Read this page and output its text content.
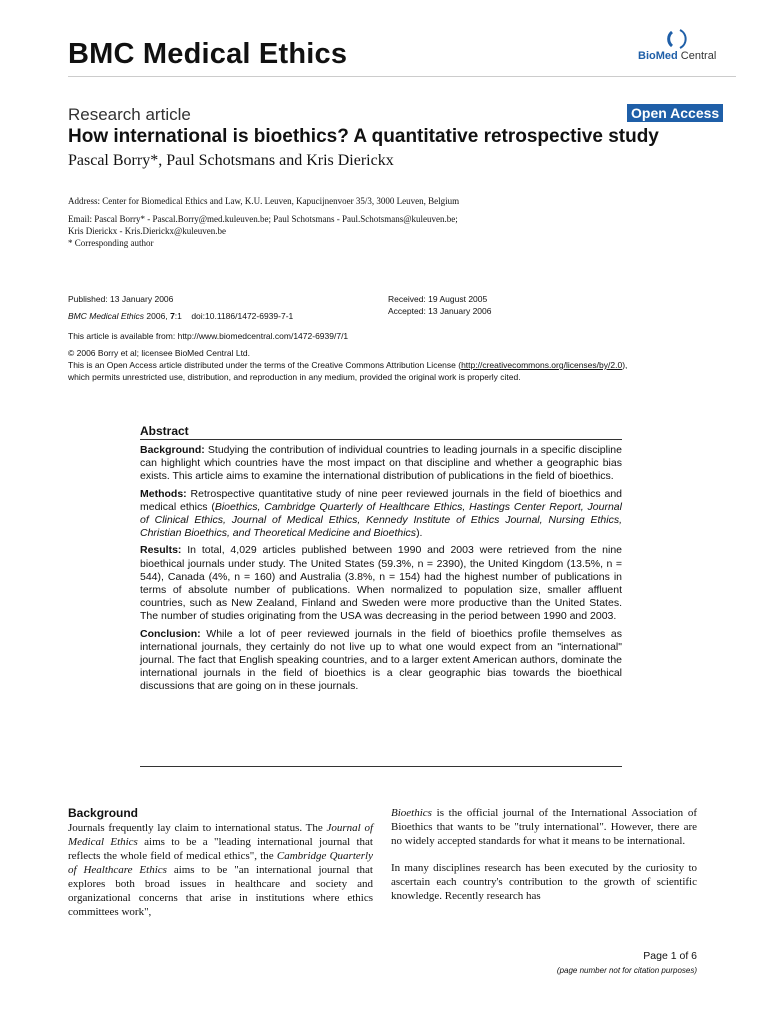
BMC Medical Ethics	BioMed Central
Research article	Open Access
How international is bioethics? A quantitative retrospective study
Pascal Borry*, Paul Schotsmans and Kris Dierickx
Address: Center for Biomedical Ethics and Law, K.U. Leuven, Kapucijnenvoer 35/3, 3000 Leuven, Belgium
Email: Pascal Borry* - Pascal.Borry@med.kuleuven.be; Paul Schotsmans - Paul.Schotsmans@kuleuven.be;
Kris Dierickx - Kris.Dierickx@kuleuven.be
* Corresponding author
Published: 13 January 2006
BMC Medical Ethics 2006, 7:1    doi:10.1186/1472-6939-7-1
Received: 19 August 2005
Accepted: 13 January 2006
This article is available from: http://www.biomedcentral.com/1472-6939/7/1
© 2006 Borry et al; licensee BioMed Central Ltd.
This is an Open Access article distributed under the terms of the Creative Commons Attribution License (http://creativecommons.org/licenses/by/2.0),
which permits unrestricted use, distribution, and reproduction in any medium, provided the original work is properly cited.
Abstract
Background: Studying the contribution of individual countries to leading journals in a specific discipline can highlight which countries have the most impact on that discipline and whether a geographic bias exists. This article aims to examine the international distribution of publications in the field of bioethics.
Methods: Retrospective quantitative study of nine peer reviewed journals in the field of bioethics and medical ethics (Bioethics, Cambridge Quarterly of Healthcare Ethics, Hastings Center Report, Journal of Clinical Ethics, Journal of Medical Ethics, Kennedy Institute of Ethics Journal, Nursing Ethics, Christian Bioethics, and Theoretical Medicine and Bioethics).
Results: In total, 4,029 articles published between 1990 and 2003 were retrieved from the nine bioethical journals under study. The United States (59.3%, n = 2390), the United Kingdom (13.5%, n = 544), Canada (4%, n = 160) and Australia (3.8%, n = 154) had the highest number of publications in terms of absolute number of publications. When normalized to population size, smaller affluent countries, such as New Zealand, Finland and Sweden were more productive than the United States. The number of studies originating from the USA was decreasing in the period between 1990 and 2003.
Conclusion: While a lot of peer reviewed journals in the field of bioethics profile themselves as international journals, they certainly do not live up to what one would expect from an "international" journal. The fact that English speaking countries, and to a larger extent American authors, dominate the international journals in the field of bioethics is a clear geographic bias towards the bioethical discussions that are going on in these journals.
Background
Journals frequently lay claim to international status. The Journal of Medical Ethics aims to be a "leading international journal that reflects the whole field of medical ethics", the Cambridge Quarterly of Healthcare Ethics aims to be "an international journal that explores both broad issues in healthcare and society and organizational concerns that arise in institutions where ethics committees work",
Bioethics is the official journal of the International Association of Bioethics that wants to be "truly international". However, there are no widely accepted standards for what it means to be international.
In many disciplines research has been executed by the curiosity to ascertain each country's contribution to the growth of scientific knowledge. Recently research has
Page 1 of 6
(page number not for citation purposes)
